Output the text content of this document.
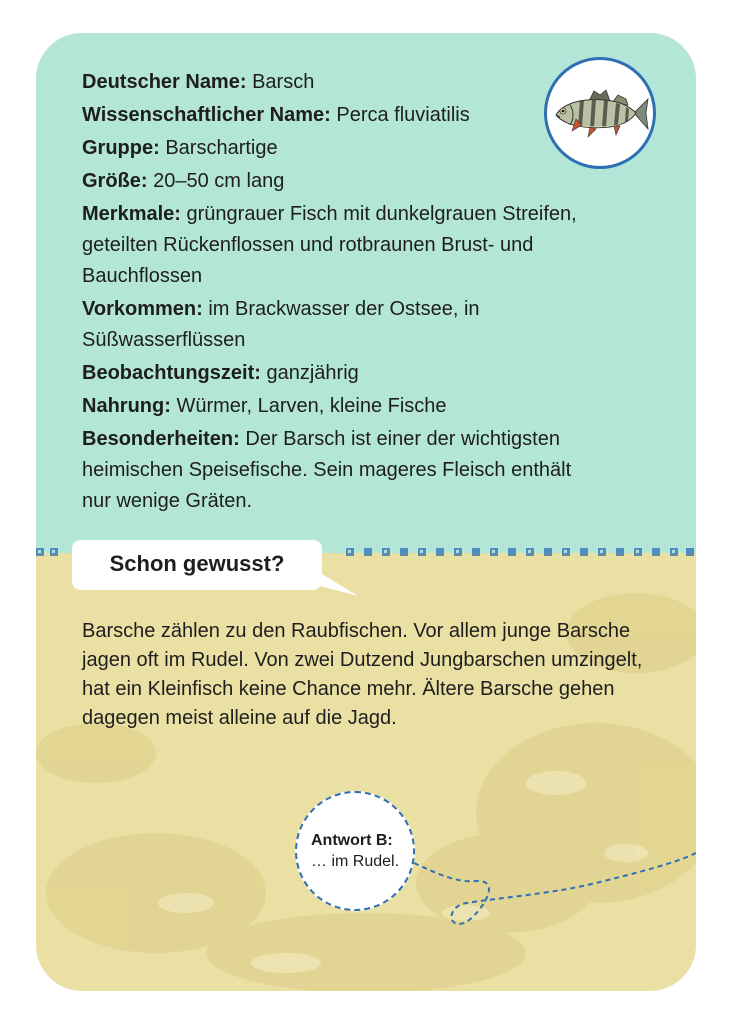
Deutscher Name: Barsch

Wissenschaftlicher Name: Perca fluviatilis

Gruppe: Barschartige

Größe: 20–50 cm lang

Merkmale: grüngrauer Fisch mit dunkelgrauen Streifen, geteilten Rückenflossen und rotbraunen Brust- und Bauchflossen

Vorkommen: im Brackwasser der Ostsee, in Süßwasserflüssen

Beobachtungszeit: ganzjährig

Nahrung: Würmer, Larven, kleine Fische

Besonderheiten: Der Barsch ist einer der wichtigsten heimischen Speisefische. Sein mageres Fleisch enthält nur wenige Gräten.

Schon gewusst?

Barsche zählen zu den Raubfischen. Vor allem junge Barsche jagen oft im Rudel. Von zwei Dutzend Jungbarschen umzingelt, hat ein Kleinfisch keine Chance mehr. Ältere Barsche gehen dagegen meist alleine auf die Jagd.

Antwort B:
… im Rudel.
